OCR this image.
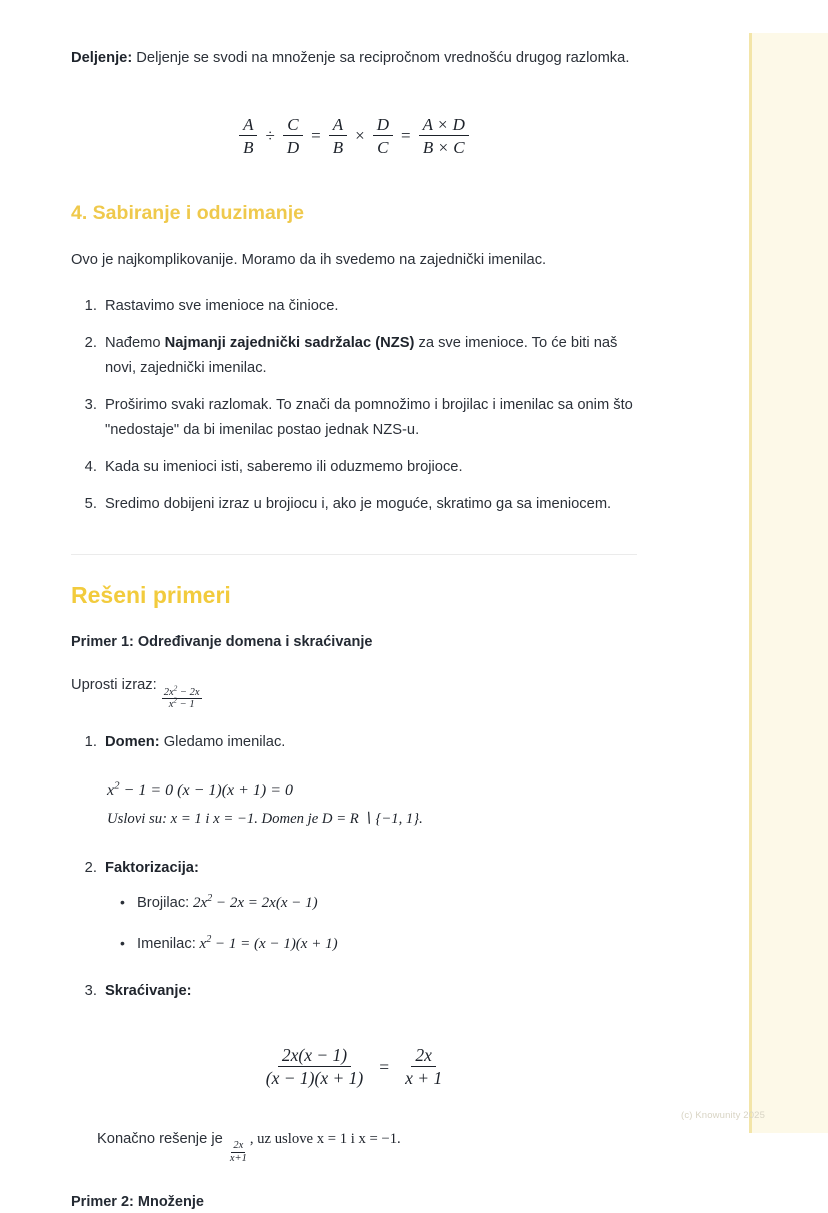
Deljenje: Deljenje se svodi na množenje sa recipročnom vrednošću drugog razlomka.

$\frac{A}{B} \div \frac{C}{D} = \frac{A}{B} \times \frac{D}{C} = \frac{A \times D}{B \times C}$
4. Sabiranje i oduzimanje

Ovo je najkomplikovanije. Moramo da ih svedemo na zajednički imenilac.

1. Rastavimo sve imenioce na činioce.
2. Nađemo Najmanji zajednički sadržalac (NZS) za sve imenioce. To će biti naš novi, zajednički imenilac.
3. Proširimo svaki razlomak. To znači da pomnožimo i brojilac i imenilac sa onim što "nedostaje" da bi imenilac postao jednak NZS-u.
4. Kada su imenioci isti, saberemo ili oduzmemo brojioce.
5. Sredimo dobijeni izraz u brojiocu i, ako je moguće, skratimo ga sa imeniocem.
Rešeni primeri
Primer 1: Određivanje domena i skraćivanje

Uprosti izraz:
$\frac{2x^2 - 2x}{x^2 - 1}$

1. Domen: Gledamo imenilac.
$x^2 - 1 = 0$ (x − 1)(x + 1) = 0
Uslovi su: x = 1 i x = −1. Domen je D = R ∖ {−1, 1}.
2. Faktorizacija:
• Brojilac: $2x^2 - 2x = 2x(x - 1)$
• Imenilac: $x^2 - 1 = (x - 1)(x + 1)$
3. Skraćivanje:
$\frac{2x(x - 1)}{(x - 1)(x + 1)} = \frac{2x}{x + 1}$

Konačno rešenje je
$\frac{2x}{x+1}$
, uz uslove x = 1 i x = −1.

Primer 2: Množenje
(c) Knowunity 2025
